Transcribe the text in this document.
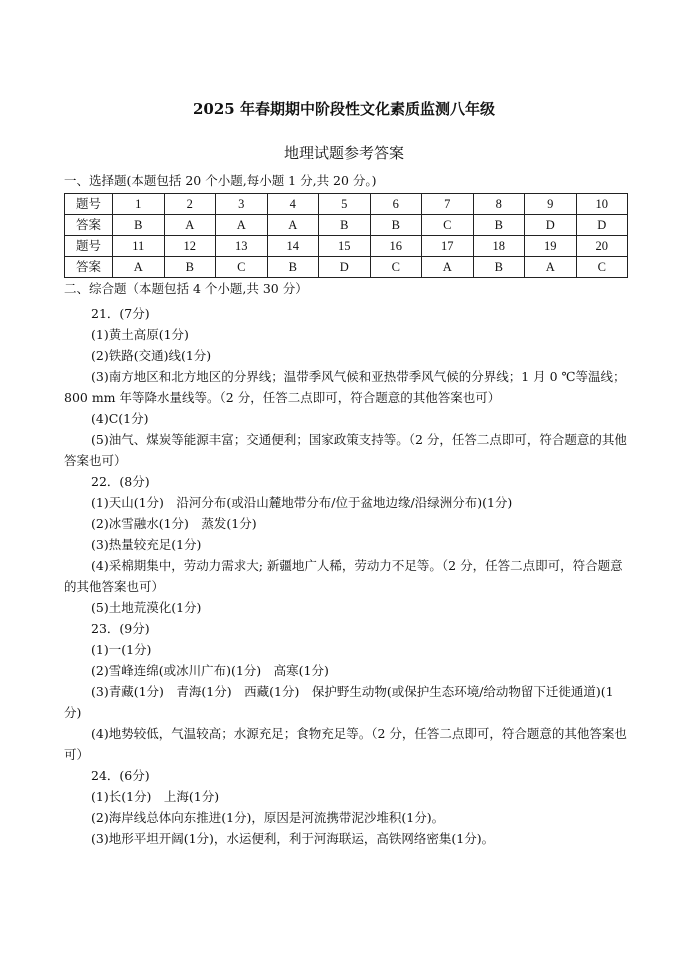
2025 年春期期中阶段性文化素质监测八年级
地理试题参考答案
一、选择题(本题包括 20 个小题,每小题 1 分,共 20 分。)
题号	1	2	3	4	5	6	7	8	9	10
答案	B	A	A	A	B	B	C	B	D	D
题号	11	12	13	14	15	16	17	18	19	20
答案	A	B	C	B	D	C	A	B	A	C
二、综合题（本题包括 4 个小题,共 30 分）

21．(7分)

(1)黄土高原(1分)

(2)铁路(交通)线(1分)

(3)南方地区和北方地区的分界线；温带季风气候和亚热带季风气候的分界线；1 月 0 ℃等温线；800 mm 年等降水量线等。（2 分，任答二点即可，符合题意的其他答案也可）

(4)C(1分)

(5)油气、煤炭等能源丰富；交通便利；国家政策支持等。（2 分，任答二点即可，符合题意的其他答案也可）

22．(8分)

(1)天山(1分)　沿河分布(或沿山麓地带分布/位于盆地边缘/沿绿洲分布)(1分)

(2)冰雪融水(1分)　蒸发(1分)

(3)热量较充足(1分)

(4)采棉期集中，劳动力需求大; 新疆地广人稀，劳动力不足等。（2 分，任答二点即可，符合题意的其他答案也可）

(5)土地荒漠化(1分)

23．(9分)

(1)一(1分)

(2)雪峰连绵(或冰川广布)(1分)　高寒(1分)

(3)青藏(1分)　青海(1分)　西藏(1分)　保护野生动物(或保护生态环境/给动物留下迁徙通道)(1分)

(4)地势较低，气温较高；水源充足；食物充足等。（2 分，任答二点即可，符合题意的其他答案也可）

24．(6分)

(1)长(1分)　上海(1分)

(2)海岸线总体向东推进(1分)，原因是河流携带泥沙堆积(1分)。

(3)地形平坦开阔(1分)，水运便利，利于河海联运，高铁网络密集(1分)。
